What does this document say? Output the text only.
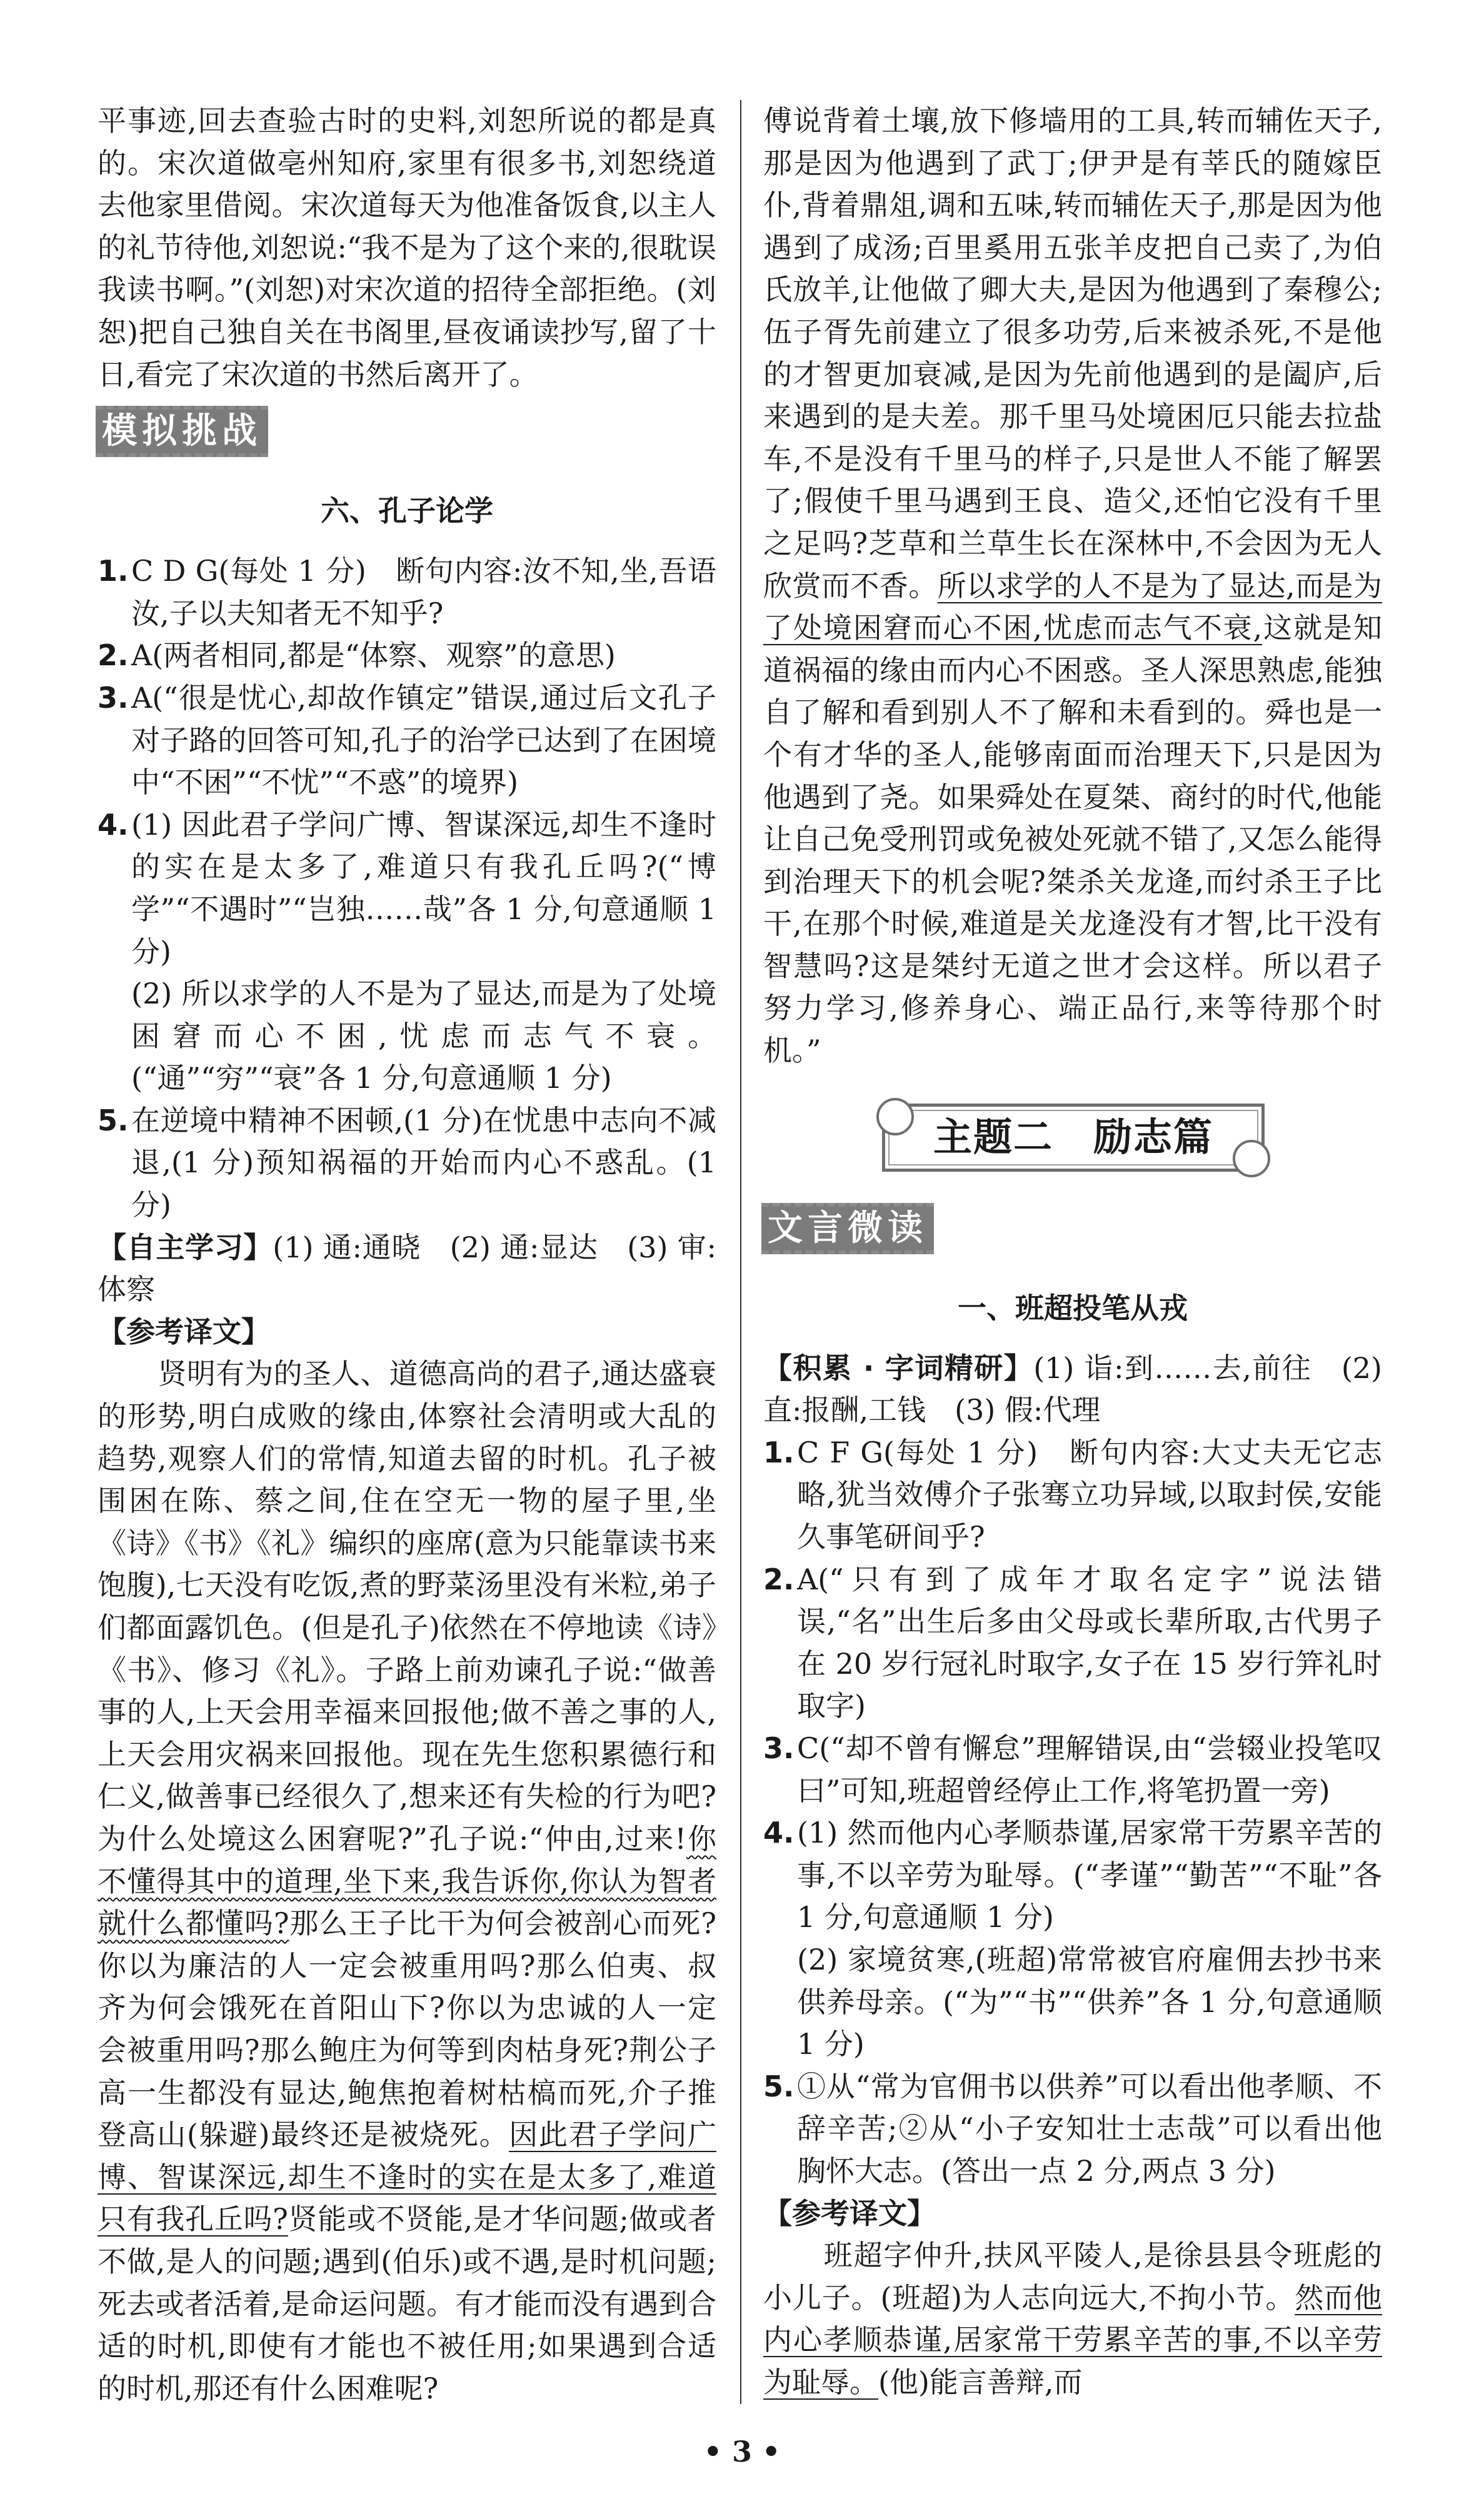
平事迹,回去查验古时的史料,刘恕所说的都是真的。宋次道做亳州知府,家里有很多书,刘恕绕道去他家里借阅。宋次道每天为他准备饭食,以主人的礼节待他,刘恕说:“我不是为了这个来的,很耽误我读书啊。”(刘恕)对宋次道的招待全部拒绝。(刘恕)把自己独自关在书阁里,昼夜诵读抄写,留了十日,看完了宋次道的书然后离开了。

模拟挑战
六、孔子论学
1. C D G(每处 1 分)　断句内容:汝不知,坐,吾语汝,子以夫知者无不知乎?
2. A(两者相同,都是“体察、观察”的意思)
3. A(“很是忧心,却故作镇定”错误,通过后文孔子对子路的回答可知,孔子的治学已达到了在困境中“不困”“不忧”“不惑”的境界)
4. (1) 因此君子学问广博、智谋深远,却生不逢时的实在是太多了,难道只有我孔丘吗?(“博学”“不遇时”“岂独……哉”各 1 分,句意通顺 1 分)

(2) 所以求学的人不是为了显达,而是为了处境困窘而心不困,忧虑而志气不衰。(“通”“穷”“衰”各 1 分,句意通顺 1 分)

5. 在逆境中精神不困顿,(1 分)在忧患中志向不减退,(1 分)预知祸福的开始而内心不惑乱。(1 分)

【自主学习】(1) 通:通晓　(2) 通:显达　(3) 审:体察

【参考译文】

贤明有为的圣人、道德高尚的君子,通达盛衰的形势,明白成败的缘由,体察社会清明或大乱的趋势,观察人们的常情,知道去留的时机。孔子被围困在陈、蔡之间,住在空无一物的屋子里,坐《诗》《书》《礼》编织的座席(意为只能靠读书来饱腹),七天没有吃饭,煮的野菜汤里没有米粒,弟子们都面露饥色。(但是孔子)依然在不停地读《诗》《书》、修习《礼》。子路上前劝谏孔子说:“做善事的人,上天会用幸福来回报他;做不善之事的人,上天会用灾祸来回报他。现在先生您积累德行和仁义,做善事已经很久了,想来还有失检的行为吧?为什么处境这么困窘呢?”孔子说:“仲由,过来!你不懂得其中的道理,坐下来,我告诉你,你认为智者就什么都懂吗?那么王子比干为何会被剖心而死?你以为廉洁的人一定会被重用吗?那么伯夷、叔齐为何会饿死在首阳山下?你以为忠诚的人一定会被重用吗?那么鲍庄为何等到肉枯身死?荆公子高一生都没有显达,鲍焦抱着树枯槁而死,介子推登高山(躲避)最终还是被烧死。因此君子学问广博、智谋深远,却生不逢时的实在是太多了,难道只有我孔丘吗?贤能或不贤能,是才华问题;做或者不做,是人的问题;遇到(伯乐)或不遇,是时机问题;死去或者活着,是命运问题。有才能而没有遇到合适的时机,即使有才能也不被任用;如果遇到合适的时机,那还有什么困难呢?

傅说背着土壤,放下修墙用的工具,转而辅佐天子,那是因为他遇到了武丁;伊尹是有莘氏的随嫁臣仆,背着鼎俎,调和五味,转而辅佐天子,那是因为他遇到了成汤;百里奚用五张羊皮把自己卖了,为伯氏放羊,让他做了卿大夫,是因为他遇到了秦穆公;伍子胥先前建立了很多功劳,后来被杀死,不是他的才智更加衰减,是因为先前他遇到的是阖庐,后来遇到的是夫差。那千里马处境困厄只能去拉盐车,不是没有千里马的样子,只是世人不能了解罢了;假使千里马遇到王良、造父,还怕它没有千里之足吗?芝草和兰草生长在深林中,不会因为无人欣赏而不香。所以求学的人不是为了显达,而是为了处境困窘而心不困,忧虑而志气不衰,这就是知道祸福的缘由而内心不困惑。圣人深思熟虑,能独自了解和看到别人不了解和未看到的。舜也是一个有才华的圣人,能够南面而治理天下,只是因为他遇到了尧。如果舜处在夏桀、商纣的时代,他能让自己免受刑罚或免被处死就不错了,又怎么能得到治理天下的机会呢?桀杀关龙逄,而纣杀王子比干,在那个时候,难道是关龙逄没有才智,比干没有智慧吗?这是桀纣无道之世才会这样。所以君子努力学习,修养身心、端正品行,来等待那个时机。”

主题二　励志篇
文言微读
一、班超投笔从戎

【积累 · 字词精研】(1) 诣:到……去,前往　(2) 直:报酬,工钱　(3) 假:代理

1. C F G(每处 1 分)　断句内容:大丈夫无它志略,犹当效傅介子张骞立功异域,以取封侯,安能久事笔研间乎?
2. A(“只有到了成年才取名定字”说法错误,“名”出生后多由父母或长辈所取,古代男子在 20 岁行冠礼时取字,女子在 15 岁行笄礼时取字)
3. C(“却不曾有懈怠”理解错误,由“尝辍业投笔叹曰”可知,班超曾经停止工作,将笔扔置一旁)
4. (1) 然而他内心孝顺恭谨,居家常干劳累辛苦的事,不以辛劳为耻辱。(“孝谨”“勤苦”“不耻”各 1 分,句意通顺 1 分)

(2) 家境贫寒,(班超)常常被官府雇佣去抄书来供养母亲。(“为”“书”“供养”各 1 分,句意通顺 1 分)

5. ①从“常为官佣书以供养”可以看出他孝顺、不辞辛苦;②从“小子安知壮士志哉”可以看出他胸怀大志。(答出一点 2 分,两点 3 分)

【参考译文】

班超字仲升,扶风平陵人,是徐县县令班彪的小儿子。(班超)为人志向远大,不拘小节。然而他内心孝顺恭谨,居家常干劳累辛苦的事,不以辛劳为耻辱。(他)能言善辩,而

• 3 •
